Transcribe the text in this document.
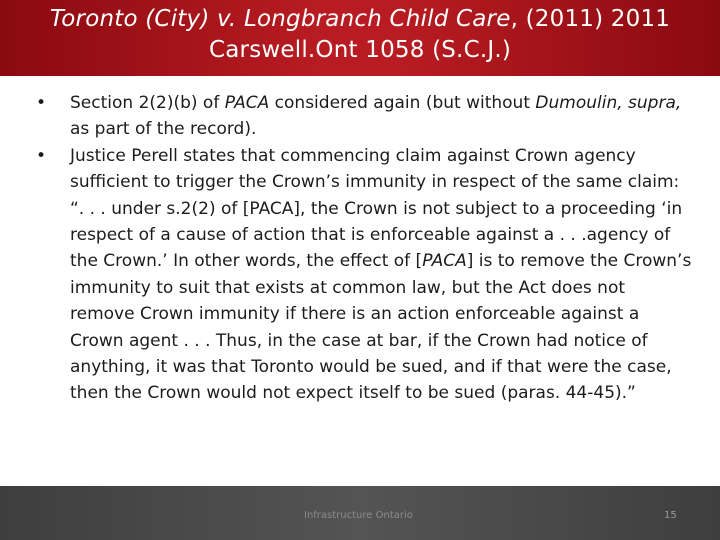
Toronto (City) v. Longbranch Child Care, (2011) 2011
Carswell.Ont 1058 (S.C.J.)
• Section 2(2)(b) of PACA considered again (but without Dumoulin, supra, as part of the record).
• Justice Perell states that commencing claim against Crown agency sufficient to trigger the Crown’s immunity in respect of the same claim:
“. . . under s.2(2) of [PACA], the Crown is not subject to a proceeding ‘in respect of a cause of action that is enforceable against a . . .agency of the Crown.’ In other words, the effect of [PACA] is to remove the Crown’s immunity to suit that exists at common law, but the Act does not remove Crown immunity if there is an action enforceable against a Crown agent . . . Thus, in the case at bar, if the Crown had notice of anything, it was that Toronto would be sued, and if that were the case, then the Crown would not expect itself to be sued (paras. 44-45).”
Infrastructure Ontario	15
